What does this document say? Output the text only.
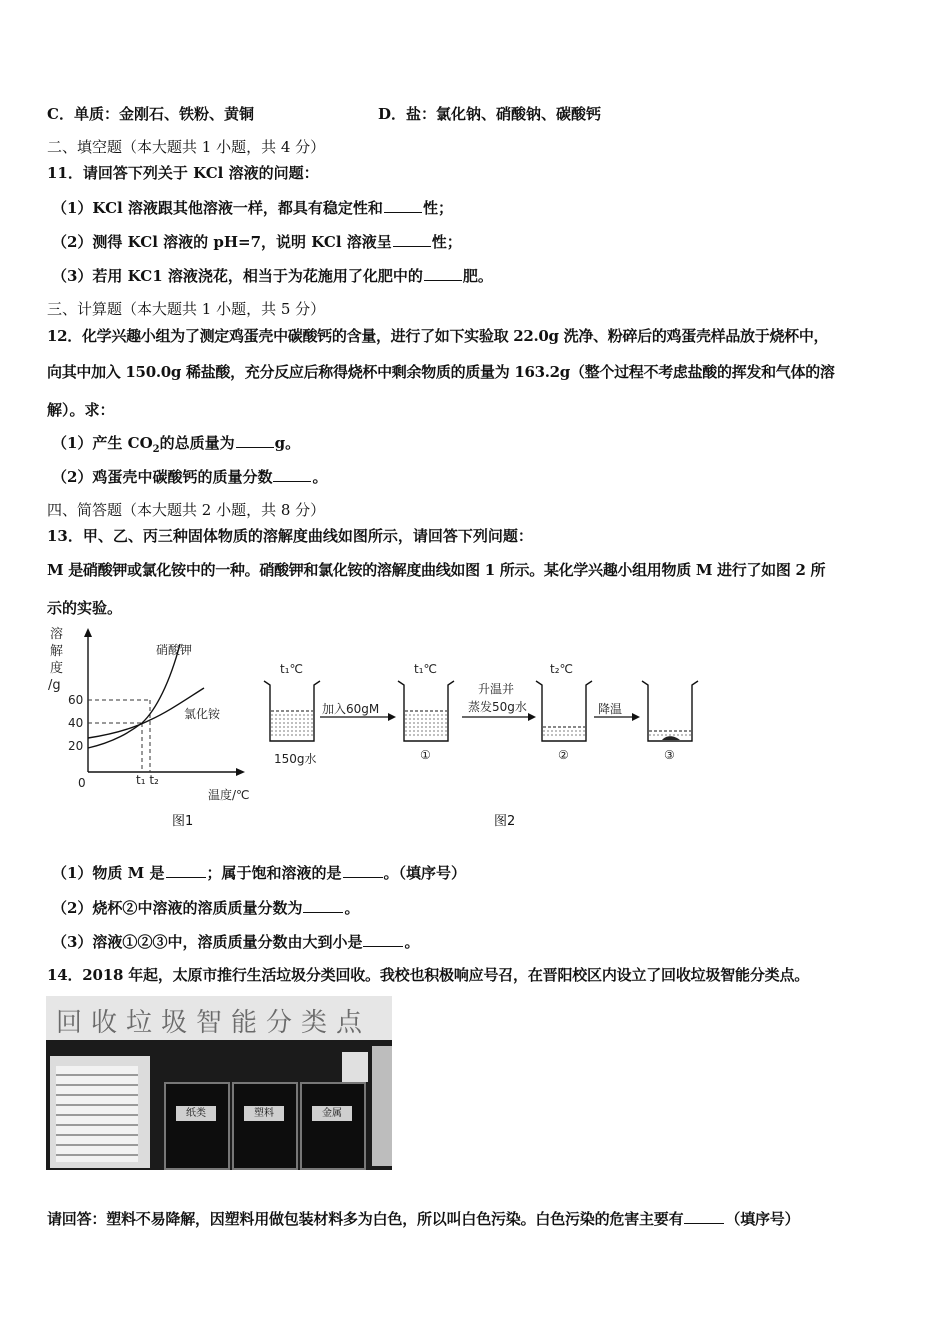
C．单质：金刚石、铁粉、黄铜	D．盐：氯化钠、硝酸钠、碳酸钙
二、填空题（本大题共 1 小题，共 4 分）
11．请回答下列关于 KCl 溶液的问题：
（1）KCl 溶液跟其他溶液一样，都具有稳定性和	性；
（2）测得 KCl 溶液的 pH=7，说明 KCl 溶液呈	性；
（3）若用 KC1 溶液浇花，相当于为花施用了化肥中的	肥。
三、计算题（本大题共 1 小题，共 5 分）
12．化学兴趣小组为了测定鸡蛋壳中碳酸钙的含量，进行了如下实验取 22.0g 洗净、粉碎后的鸡蛋壳样品放于烧杯中，
向其中加入 150.0g 稀盐酸，充分反应后称得烧杯中剩余物质的质量为 163.2g（整个过程不考虑盐酸的挥发和气体的溶
解）。求：
（1）产生 $CO_2$的总质量为	g。
（2）鸡蛋壳中碳酸钙的质量分数	。
四、简答题（本大题共 2 小题，共 8 分）
13．甲、乙、丙三种固体物质的溶解度曲线如图所示，请回答下列问题：
M 是硝酸钾或氯化铵中的一种。硝酸钾和氯化铵的溶解度曲线如图 1 所示。某化学兴趣小组用物质 M 进行了如图 2 所
示的实验。
溶
解
度
/g
60
40
20
0	t₁ t₂
温度/℃
硝酸钾
氯化铵
图1
t₁℃	t₁℃	t₂℃
加入60gM
升温并
蒸发50g水	降温
150g水	①	②	③
图2
（1）物质 M 是	；属于饱和溶液的是	。（填序号）
（2）烧杯②中溶液的溶质质量分数为	。
（3）溶液①②③中，溶质质量分数由大到小是	。
14．2018 年起，太原市推行生活垃圾分类回收。我校也积极响应号召，在晋阳校区内设立了回收垃圾智能分类点。
回收垃圾智能分类点
纸类	塑料	金属
请回答：塑料不易降解，因塑料用做包装材料多为白色，所以叫白色污染。白色污染的危害主要有	（填序号）
